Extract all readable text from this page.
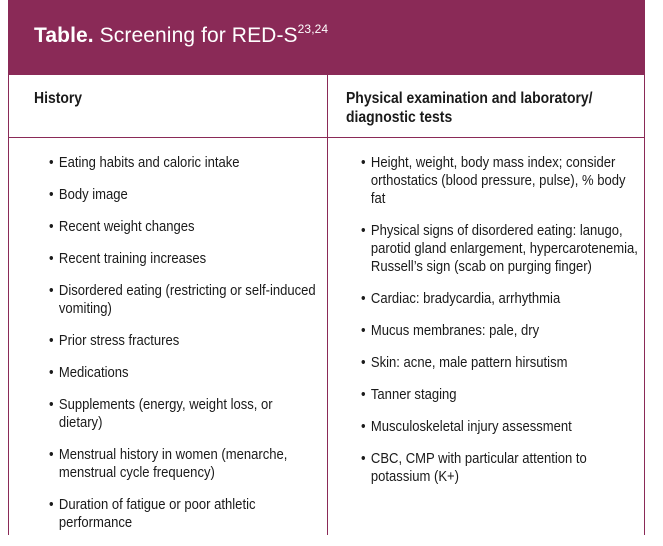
Table. Screening for RED-$S^{23,24}$
History	Physical examination and laboratory/ diagnostic tests
• Eating habits and caloric intake
• Body image
• Recent weight changes
• Recent training increases
• Disordered eating (restricting or self-induced vomiting)
• Prior stress fractures
• Medications
• Supplements (energy, weight loss, or dietary)
• Menstrual history in women (menarche, menstrual cycle frequency)
• Duration of fatigue or poor athletic performance
• Height, weight, body mass index; consider orthostatics (blood pressure, pulse), % body fat
• Physical signs of disordered eating: lanugo, parotid gland enlargement, hypercarotenemia, Russell’s sign (scab on purging finger)
• Cardiac: bradycardia, arrhythmia
• Mucus membranes: pale, dry
• Skin: acne, male pattern hirsutism
• Tanner staging
• Musculoskeletal injury assessment
• CBC, CMP with particular attention to potassium (K+)
